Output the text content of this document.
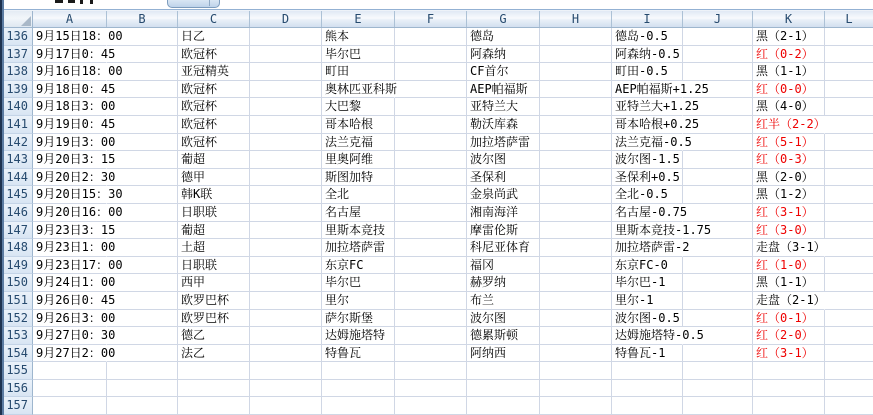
A	B	C	D	E	F	G	H	I	J	K	L
136 9月15日18：00	日乙	熊本	德岛	德岛-0.5	黑（2-1）
137 9月17日0：45	欧冠杯	毕尔巴	阿森纳	阿森纳-0.5	红（0-2）
138 9月16日18：00	亚冠精英	町田	CF首尔	町田-0.5	黑（1-1）
139 9月18日0：45	欧冠杯	奥林匹亚科斯	AEP帕福斯	AEP帕福斯+1.25	红（0-0）
140 9月18日3：00	欧冠杯	大巴黎	亚特兰大	亚特兰大+1.25	黑（4-0）
141 9月19日0：45	欧冠杯	哥本哈根	勒沃库森	哥本哈根+0.25	红半（2-2）
142 9月19日3：00	欧冠杯	法兰克福	加拉塔萨雷	法兰克福-0.5	红（5-1）
143 9月20日3：15	葡超	里奥阿维	波尔图	波尔图-1.5	红（0-3）
144 9月20日2：30	德甲	斯图加特	圣保利	圣保利+0.5	黑（2-0）
145 9月20日15：30	韩K联	全北	金泉尚武	全北-0.5	黑（1-2）
146 9月20日16：00	日职联	名古屋	湘南海洋	名古屋-0.75	红（3-1）
147 9月23日3：15	葡超	里斯本竞技	摩雷伦斯	里斯本竞技-1.75	红（3-0）
148 9月23日1：00	土超	加拉塔萨雷	科尼亚体育	加拉塔萨雷-2	走盘（3-1）
149 9月23日17：00	日职联	东京FC	福冈	东京FC-0	红（1-0）
150 9月24日1：00	西甲	毕尔巴	赫罗纳	毕尔巴-1	黑（1-1）
151 9月26日0：45	欧罗巴杯	里尔	布兰	里尔-1	走盘（2-1）
152 9月26日3：00	欧罗巴杯	萨尔斯堡	波尔图	波尔图-0.5	红（0-1）
153 9月27日0：30	德乙	达姆施塔特	德累斯顿	达姆施塔特-0.5	红（2-0）
154 9月27日2：00	法乙	特鲁瓦	阿纳西	特鲁瓦-1	红（3-1）
155
156
157
